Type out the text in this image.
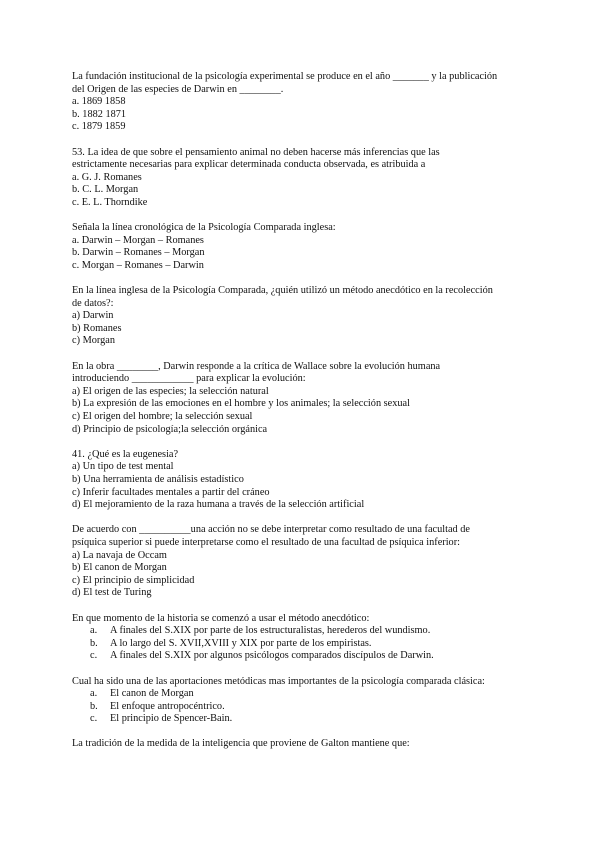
La fundación institucional de la psicología experimental se produce en el año _______ y la publicación
del Origen de las especies de Darwin en ________.
a. 1869 1858
b. 1882 1871
c. 1879 1859
53. La idea de que sobre el pensamiento animal no deben hacerse más inferencias que las
estrictamente necesarias para explicar determinada conducta observada, es atribuida a
a. G. J. Romanes
b. C. L. Morgan
c. E. L. Thorndike
Señala la línea cronológica de la Psicología Comparada inglesa:
a. Darwin – Morgan – Romanes
b. Darwin – Romanes – Morgan
c. Morgan – Romanes – Darwin
En la línea inglesa de la Psicología Comparada, ¿quién utilizó un método anecdótico en la recolección
de datos?:
a) Darwin
b) Romanes
c) Morgan
En la obra ________, Darwin responde a la crítica de Wallace sobre la evolución humana
introduciendo ____________ para explicar la evolución:
a) El origen de las especies; la selección natural
b) La expresión de las emociones en el hombre y los animales; la selección sexual
c) El origen del hombre; la selección sexual
d) Principio de psicología;la selección orgánica
41. ¿Qué es la eugenesia?
a) Un tipo de test mental
b) Una herramienta de análisis estadístico
c) Inferir facultades mentales a partir del cráneo
d) El mejoramiento de la raza humana a través de la selección artificial
De acuerdo con __________una acción no se debe interpretar como resultado de una facultad de
psíquica superior si puede interpretarse como el resultado de una facultad de psíquica inferior:
a) La navaja de Occam
b) El canon de Morgan
c) El principio de simplicidad
d) El test de Turing
En que momento de la historia se comenzó a usar el método anecdótico:
a. A finales del S.XIX por parte de los estructuralistas, herederos del wundismo.
b. A lo largo del S. XVII,XVIII y XIX por parte de los empiristas.
c. A finales del S.XIX por algunos psicólogos comparados discípulos de Darwin.
Cual ha sido una de las aportaciones metódicas mas importantes de la psicología comparada clásica:
a. El canon de Morgan
b. El enfoque antropocéntrico.
c. El principio de Spencer-Bain.
La tradición de la medida de la inteligencia que proviene de Galton mantiene que:
